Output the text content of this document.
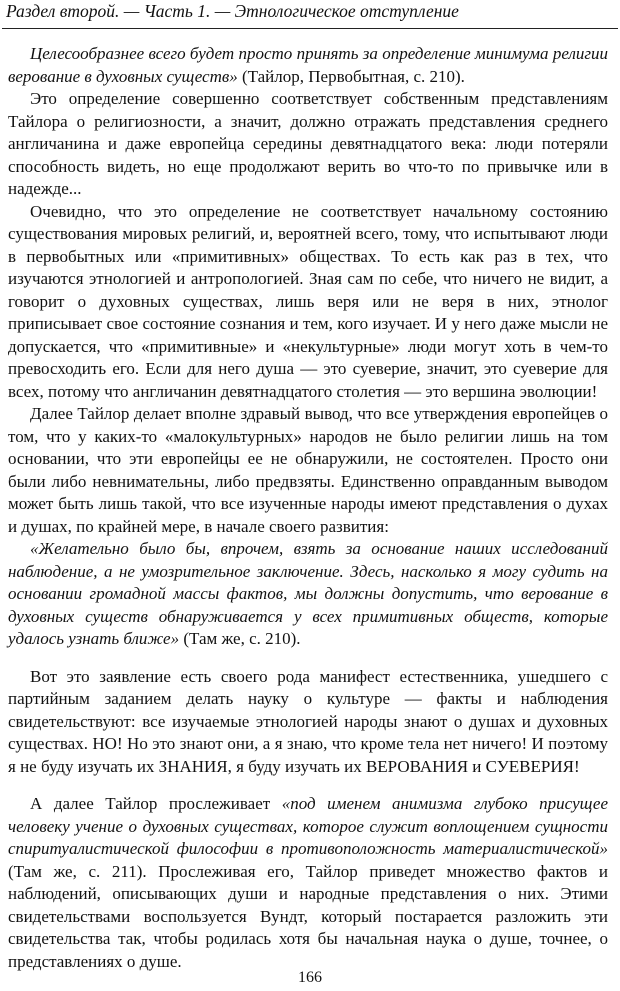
Раздел второй. — Часть 1. — Этнологическое отступление

Целесообразнее всего будет просто принять за определение минимума религии верование в духовных существ» (Тайлор, Первобытная, с. 210).

Это определение совершенно соответствует собственным представлениям Тайлора о религиозности, а значит, должно отражать представления среднего англичанина и даже европейца середины девятнадцатого века: люди потеряли способность видеть, но еще продолжают верить во что-то по привычке или в надежде...

Очевидно, что это определение не соответствует начальному состоянию существования мировых религий, и, вероятней всего, тому, что испытывают люди в первобытных или «примитивных» обществах. То есть как раз в тех, что изучаются этнологией и антропологией. Зная сам по себе, что ничего не видит, а говорит о духовных существах, лишь веря или не веря в них, этнолог приписывает свое состояние сознания и тем, кого изучает. И у него даже мысли не допускается, что «примитивные» и «некультурные» люди могут хоть в чем-то превосходить его. Если для него душа — это суеверие, значит, это суеверие для всех, потому что англичанин девятнадцатого столетия — это вершина эволюции!

Далее Тайлор делает вполне здравый вывод, что все утверждения европейцев о том, что у каких-то «малокультурных» народов не было религии лишь на том основании, что эти европейцы ее не обнаружили, не состоятелен. Просто они были либо невнимательны, либо предвзяты. Единственно оправданным выводом может быть лишь такой, что все изученные народы имеют представления о духах и душах, по крайней мере, в начале своего развития:

«Желательно было бы, впрочем, взять за основание наших исследований наблюдение, а не умозрительное заключение. Здесь, насколько я могу судить на основании громадной массы фактов, мы должны допустить, что верование в духовных существ обнаруживается у всех примитивных обществ, которые удалось узнать ближе» (Там же, с. 210).

Вот это заявление есть своего рода манифест естественника, ушедшего с партийным заданием делать науку о культуре — факты и наблюдения свидетельствуют: все изучаемые этнологией народы знают о душах и духовных существах. НО! Но это знают они, а я знаю, что кроме тела нет ничего! И поэтому я не буду изучать их ЗНАНИЯ, я буду изучать их ВЕРОВАНИЯ и СУЕВЕРИЯ!

А далее Тайлор прослеживает «под именем анимизма глубоко присущее человеку учение о духовных существах, которое служит воплощением сущности спиритуалистической философии в противоположность материалистической» (Там же, с. 211). Прослеживая его, Тайлор приведет множество фактов и наблюдений, описывающих души и народные представления о них. Этими свидетельствами воспользуется Вундт, который постарается разложить эти свидетельства так, чтобы родилась хотя бы начальная наука о душе, точнее, о представлениях о душе.

166
